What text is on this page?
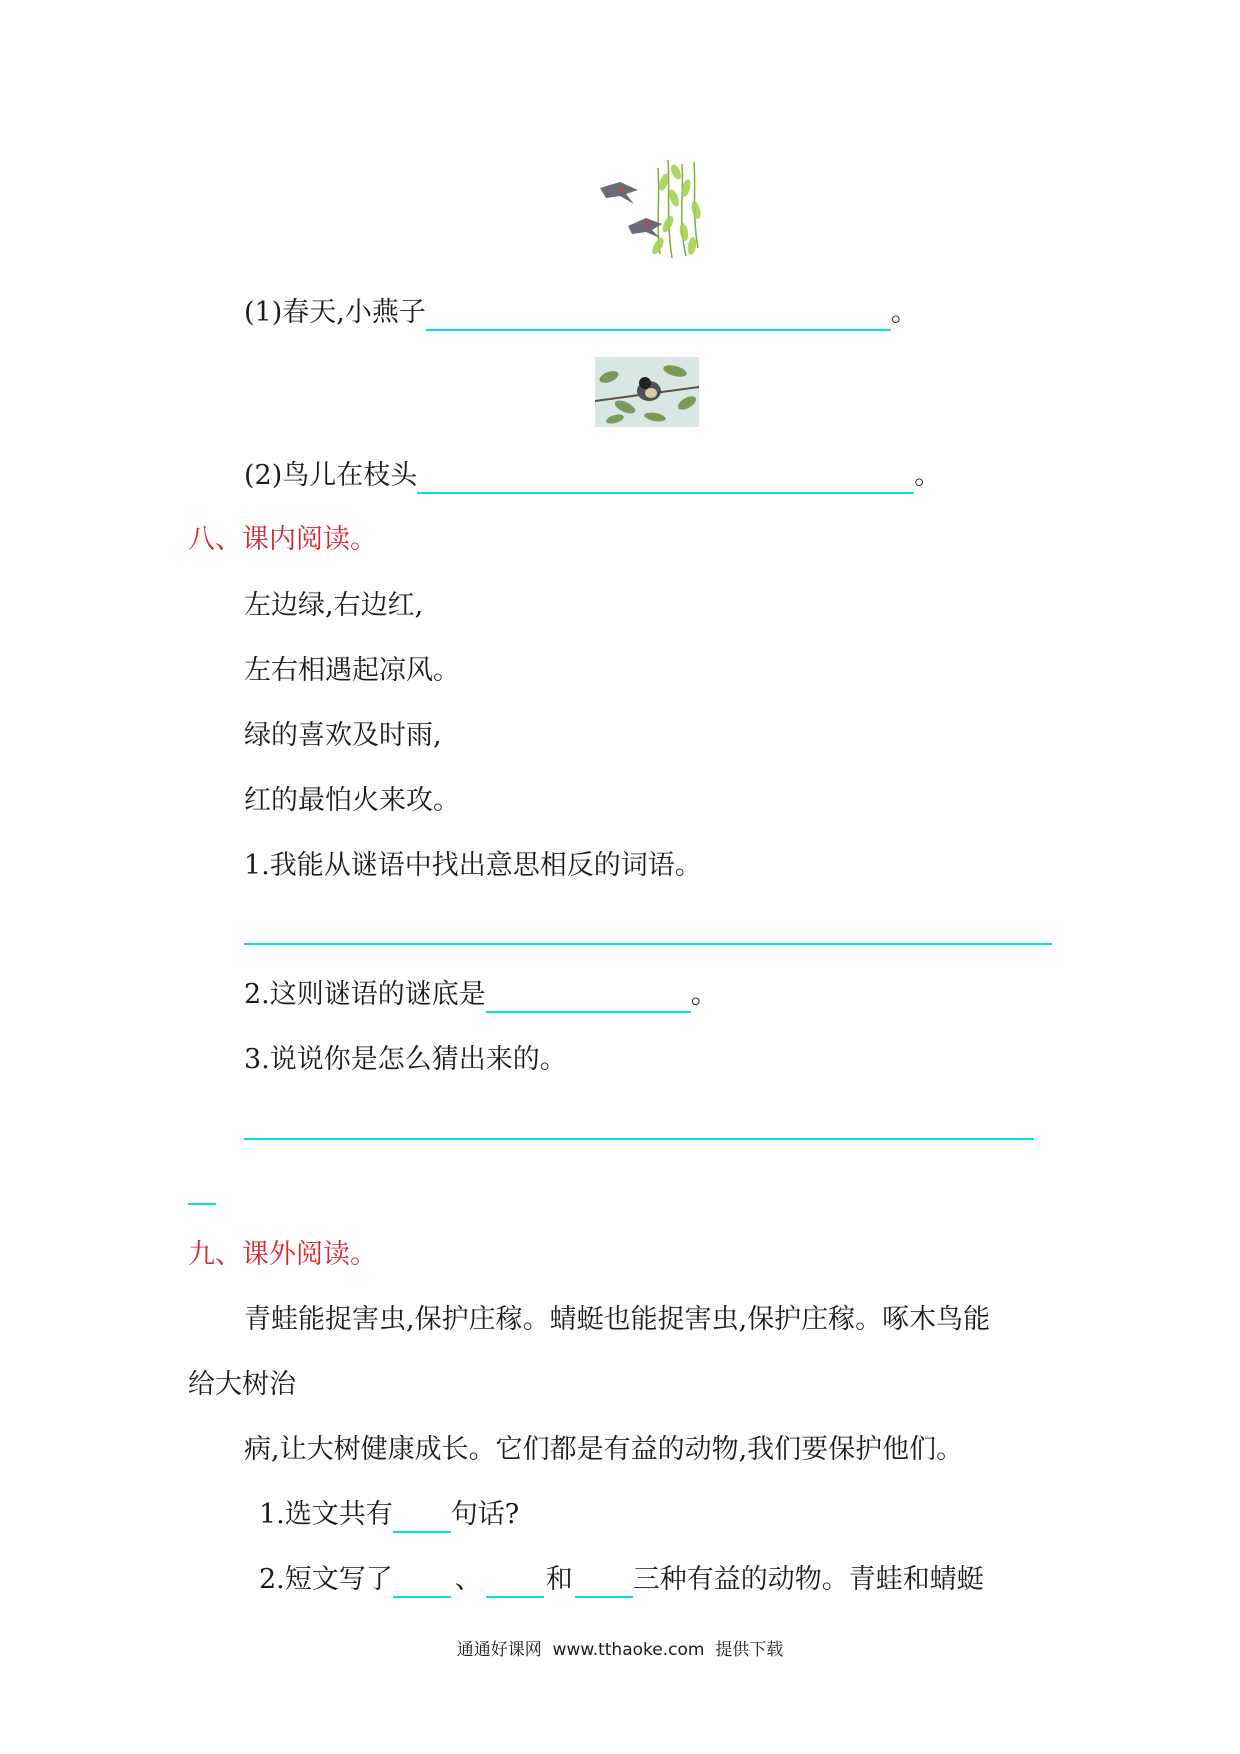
(1)春天,小燕子	。
(2)鸟儿在枝头	。
八、课内阅读。
左边绿,右边红,
左右相遇起凉风。
绿的喜欢及时雨,
红的最怕火来攻。
1.我能从谜语中找出意思相反的词语。
2.这则谜语的谜底是	。
3.说说你是怎么猜出来的。
九、课外阅读。
青蛙能捉害虫,保护庄稼。蜻蜓也能捉害虫,保护庄稼。啄木鸟能
给大树治
病,让大树健康成长。它们都是有益的动物,我们要保护他们。
1.选文共有 句话?
2.短文写了 、 和 三种有益的动物。青蛙和蜻蜓
通通好课网  www.tthaoke.com  提供下载
